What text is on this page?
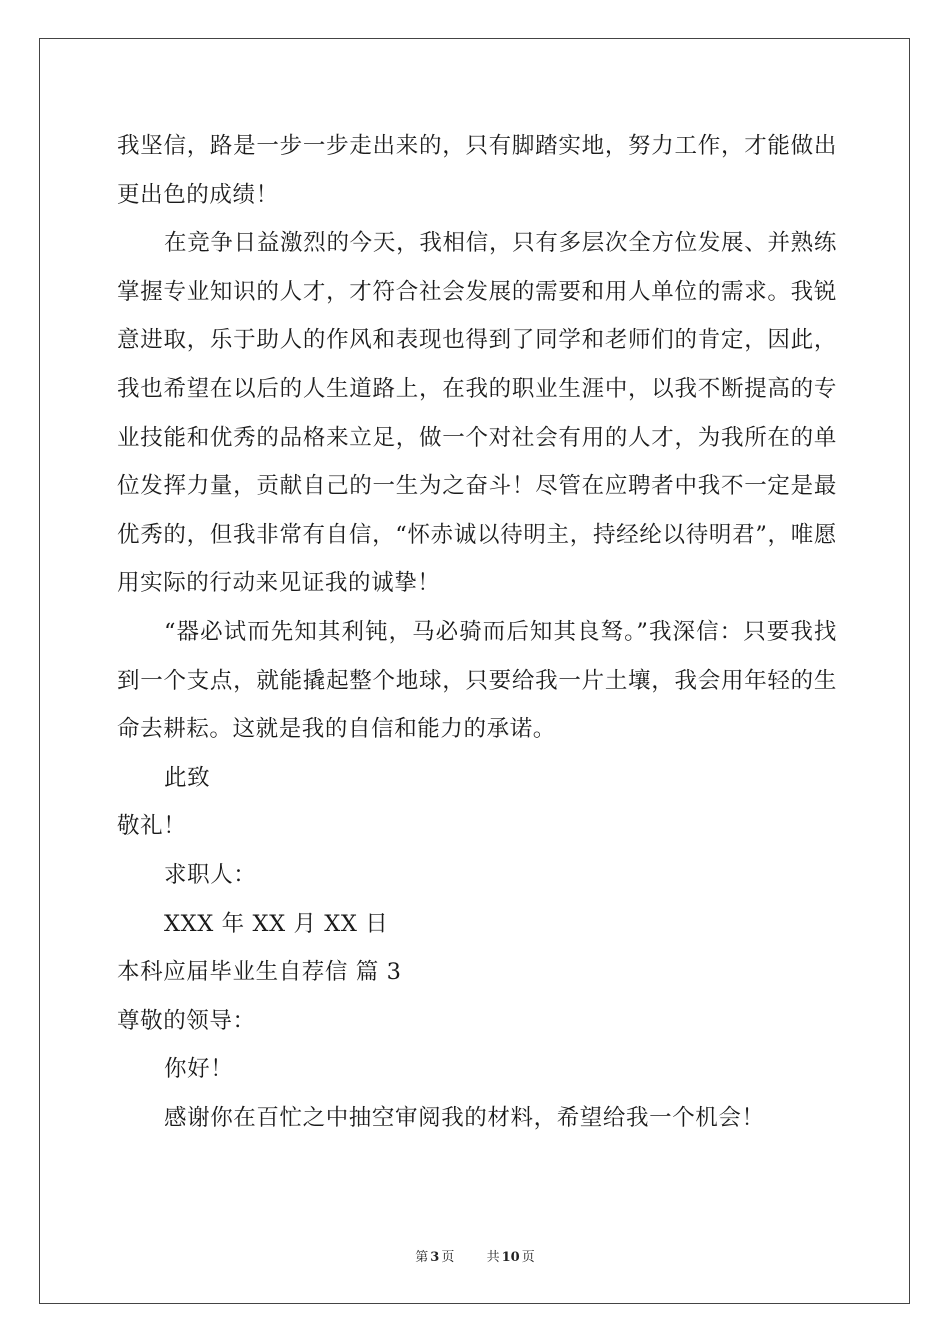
我坚信，路是一步一步走出来的，只有脚踏实地，努力工作，才能做出更出色的成绩！

在竞争日益激烈的今天，我相信，只有多层次全方位发展、并熟练掌握专业知识的人才，才符合社会发展的需要和用人单位的需求。我锐意进取，乐于助人的作风和表现也得到了同学和老师们的肯定，因此，我也希望在以后的人生道路上，在我的职业生涯中，以我不断提高的专业技能和优秀的品格来立足，做一个对社会有用的人才，为我所在的单位发挥力量，贡献自己的一生为之奋斗！尽管在应聘者中我不一定是最优秀的，但我非常有自信，“怀赤诚以待明主，持经纶以待明君”，唯愿用实际的行动来见证我的诚挚！

“器必试而先知其利钝，马必骑而后知其良驽。”我深信：只要我找到一个支点，就能撬起整个地球，只要给我一片土壤，我会用年轻的生命去耕耘。这就是我的自信和能力的承诺。

此致

敬礼！

求职人：

XXX 年 XX 月 XX 日

本科应届毕业生自荐信 篇 3

尊敬的领导：

你好！

感谢你在百忙之中抽空审阅我的材料，希望给我一个机会！

第 3 页 共 10 页
